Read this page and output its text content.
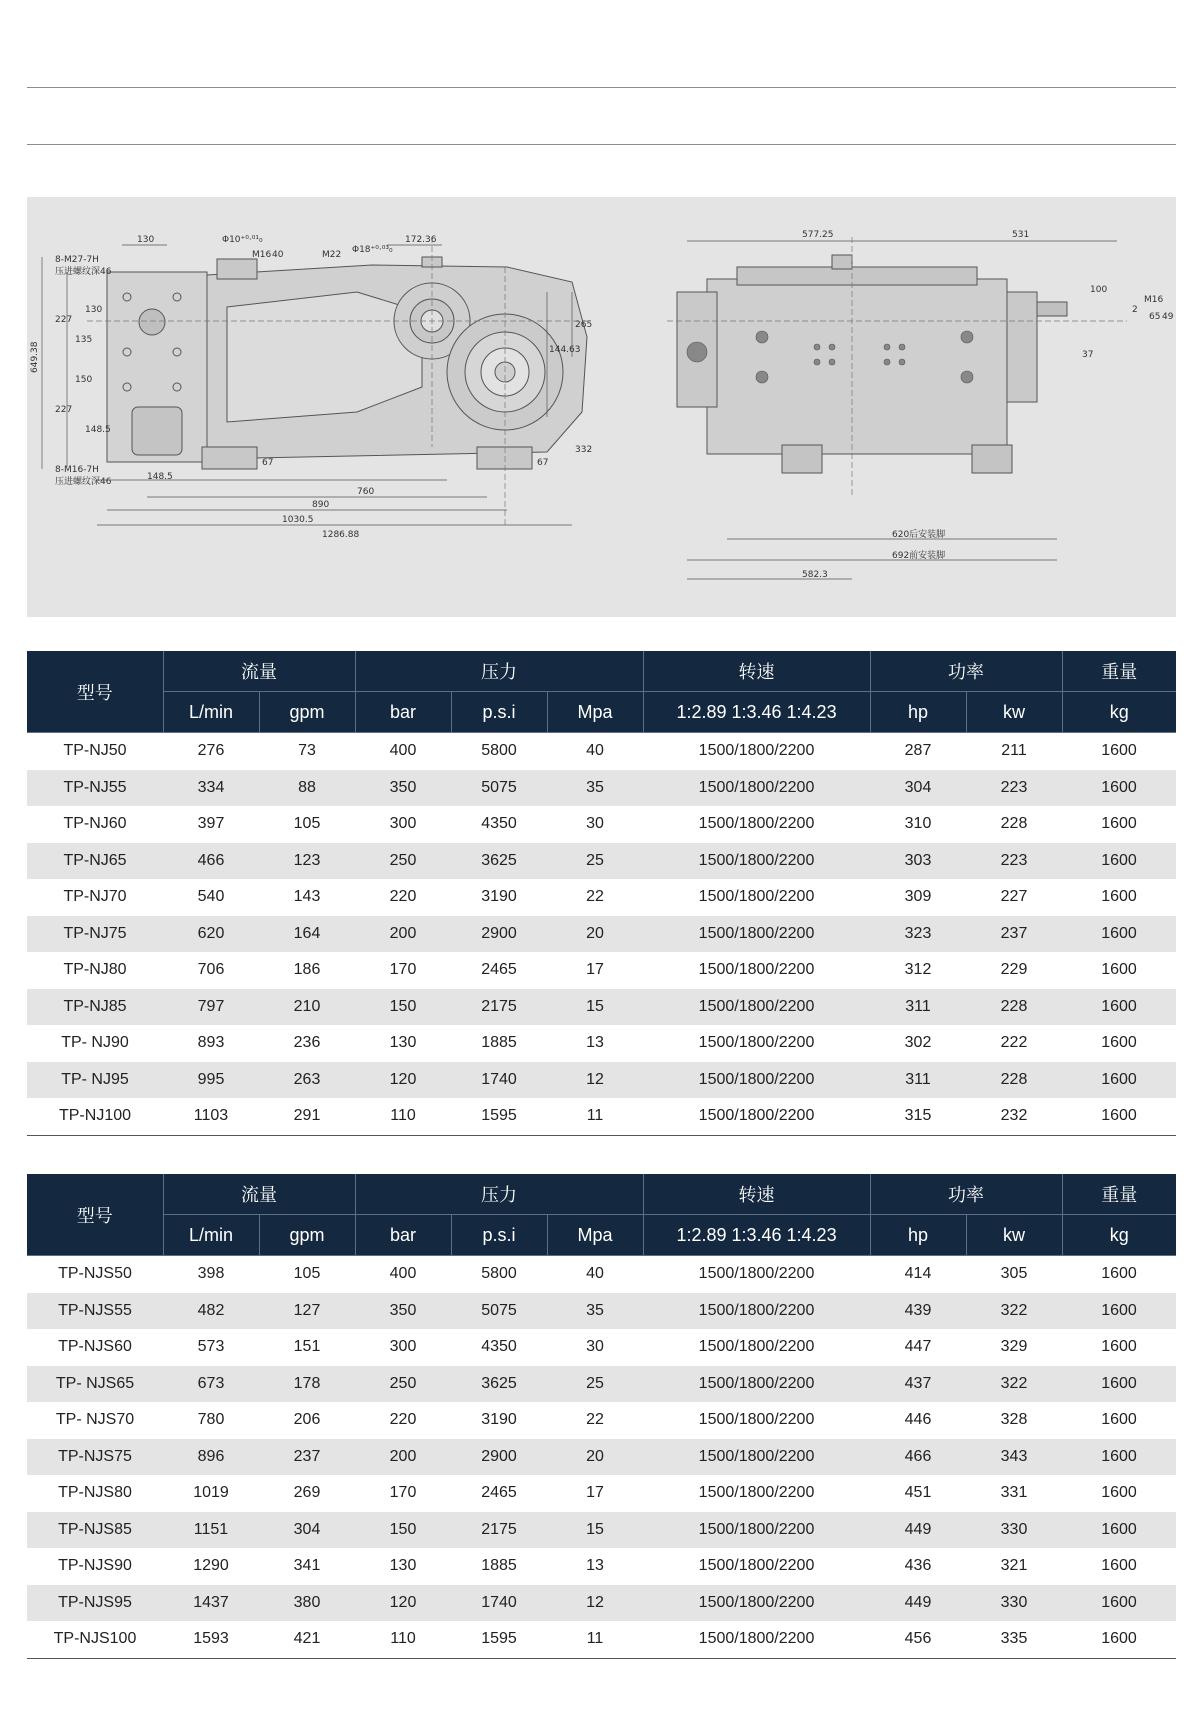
130	Φ10⁺⁰·⁰¹₀
M16 40	M22 Φ18⁺⁰·⁰³₀
172.36
649.38
227
135
130
227
150
148.5
265
144.63
332
148.5
67	67
760
890
1030.5
1286.88
8-M27-7H
压进螺纹深46
8-M16-7H
压进螺纹深46
577.25	531
100
M16
2
65 49
37
620后安装脚
692前安装脚
582.3
型号	流量		压力			转速	功率		重量
	L/min	gpm	bar	p.s.i	Mpa	1:2.89 1:3.46 1:4.23	hp	kw	kg
TP-NJ50	276	73	400	5800	40	1500/1800/2200	287	211	1600
TP-NJ55	334	88	350	5075	35	1500/1800/2200	304	223	1600
TP-NJ60	397	105	300	4350	30	1500/1800/2200	310	228	1600
TP-NJ65	466	123	250	3625	25	1500/1800/2200	303	223	1600
TP-NJ70	540	143	220	3190	22	1500/1800/2200	309	227	1600
TP-NJ75	620	164	200	2900	20	1500/1800/2200	323	237	1600
TP-NJ80	706	186	170	2465	17	1500/1800/2200	312	229	1600
TP-NJ85	797	210	150	2175	15	1500/1800/2200	311	228	1600
TP- NJ90	893	236	130	1885	13	1500/1800/2200	302	222	1600
TP- NJ95	995	263	120	1740	12	1500/1800/2200	311	228	1600
TP-NJ100	1103	291	110	1595	11	1500/1800/2200	315	232	1600
型号	流量		压力			转速	功率		重量
	L/min	gpm	bar	p.s.i	Mpa	1:2.89 1:3.46 1:4.23	hp	kw	kg
TP-NJS50	398	105	400	5800	40	1500/1800/2200	414	305	1600
TP-NJS55	482	127	350	5075	35	1500/1800/2200	439	322	1600
TP-NJS60	573	151	300	4350	30	1500/1800/2200	447	329	1600
TP- NJS65	673	178	250	3625	25	1500/1800/2200	437	322	1600
TP- NJS70	780	206	220	3190	22	1500/1800/2200	446	328	1600
TP-NJS75	896	237	200	2900	20	1500/1800/2200	466	343	1600
TP-NJS80	1019	269	170	2465	17	1500/1800/2200	451	331	1600
TP-NJS85	1151	304	150	2175	15	1500/1800/2200	449	330	1600
TP-NJS90	1290	341	130	1885	13	1500/1800/2200	436	321	1600
TP-NJS95	1437	380	120	1740	12	1500/1800/2200	449	330	1600
TP-NJS100	1593	421	110	1595	11	1500/1800/2200	456	335	1600
